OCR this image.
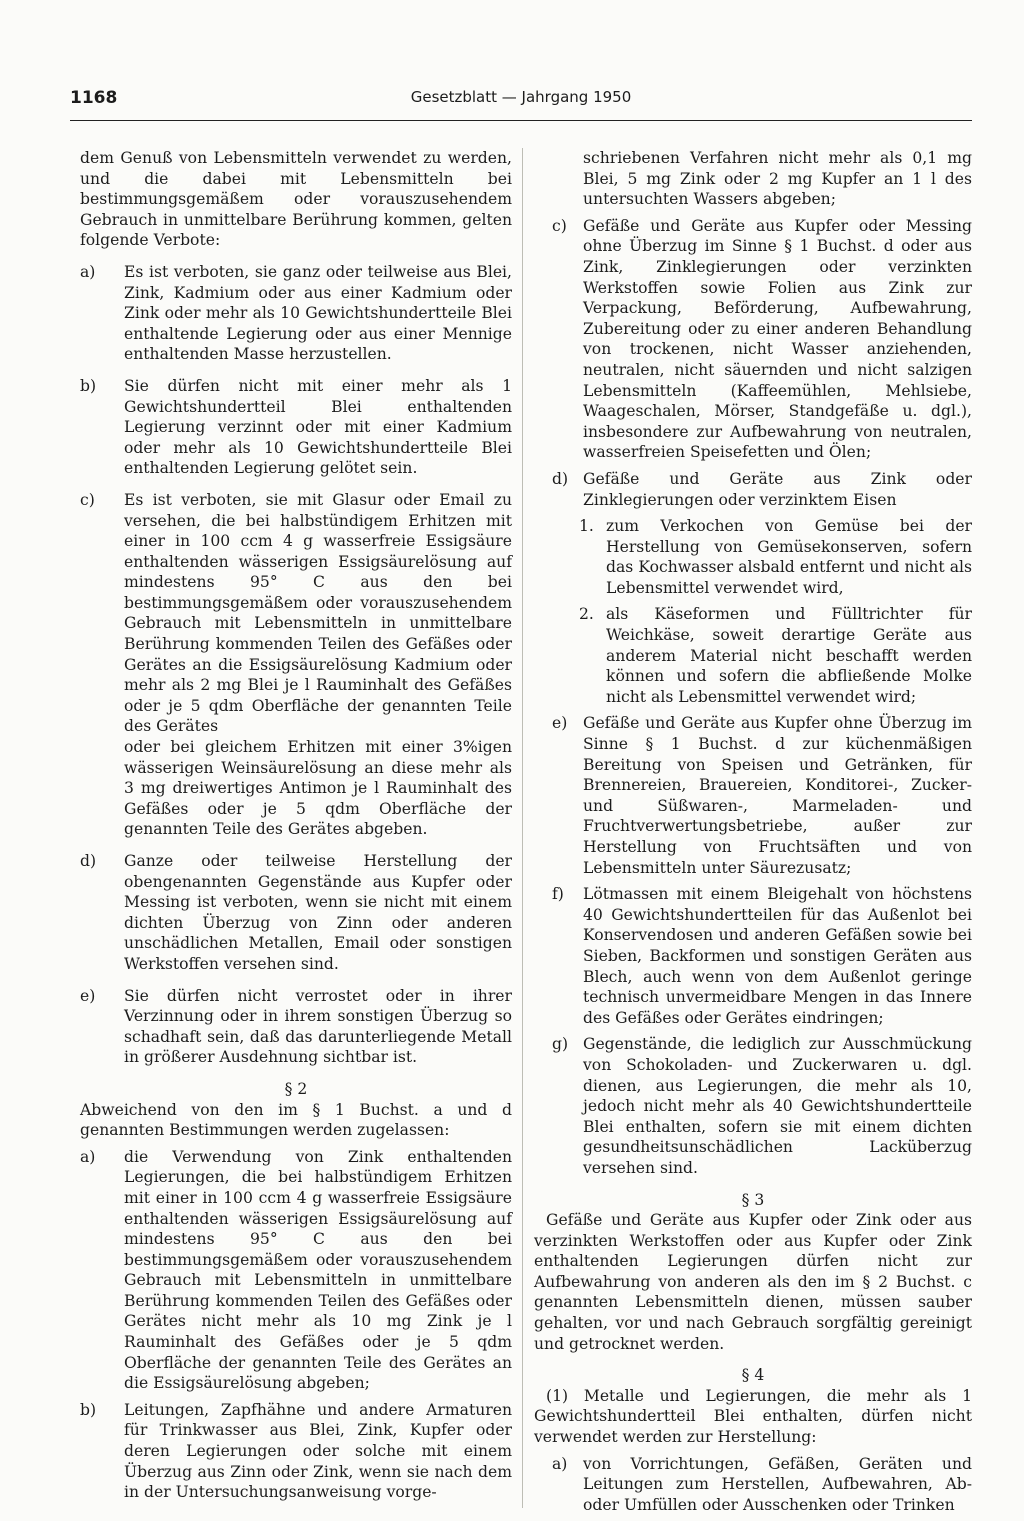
1168	Gesetzblatt — Jahrgang 1950

dem Genuß von Lebensmitteln verwendet zu werden, und die dabei mit Lebensmitteln bei bestimmungsgemäßem oder vorauszusehendem Gebrauch in unmittelbare Berührung kommen, gelten folgende Verbote:

a)	Es ist verboten, sie ganz oder teilweise aus Blei, Zink, Kadmium oder aus einer Kadmium oder Zink oder mehr als 10 Gewichtshundertteile Blei enthaltende Legierung oder aus einer Mennige enthaltenden Masse herzustellen.

b)	Sie dürfen nicht mit einer mehr als 1 Gewichtshundertteil Blei enthaltenden Legierung verzinnt oder mit einer Kadmium oder mehr als 10 Gewichtshundertteile Blei enthaltenden Legierung gelötet sein.

c)	Es ist verboten, sie mit Glasur oder Email zu versehen, die bei halbstündigem Erhitzen mit einer in 100 ccm 4 g wasserfreie Essigsäure enthaltenden wässerigen Essigsäurelösung auf mindestens 95° C aus den bei bestimmungsgemäßem oder vorauszusehendem Gebrauch mit Lebensmitteln in unmittelbare Berührung kommenden Teilen des Gefäßes oder Gerätes an die Essigsäurelösung Kadmium oder mehr als 2 mg Blei je l Rauminhalt des Gefäßes oder je 5 qdm Oberfläche der genannten Teile des Gerätes

oder bei gleichem Erhitzen mit einer 3%igen wässerigen Weinsäurelösung an diese mehr als 3 mg dreiwertiges Antimon je l Rauminhalt des Gefäßes oder je 5 qdm Oberfläche der genannten Teile des Gerätes abgeben.

d)	Ganze oder teilweise Herstellung der obengenannten Gegenstände aus Kupfer oder Messing ist verboten, wenn sie nicht mit einem dichten Überzug von Zinn oder anderen unschädlichen Metallen, Email oder sonstigen Werkstoffen versehen sind.

e)	Sie dürfen nicht verrostet oder in ihrer Verzinnung oder in ihrem sonstigen Überzug so schadhaft sein, daß das darunterliegende Metall in größerer Ausdehnung sichtbar ist.

§ 2

Abweichend von den im § 1 Buchst. a und d genannten Bestimmungen werden zugelassen:

a)	die Verwendung von Zink enthaltenden Legierungen, die bei halbstündigem Erhitzen mit einer in 100 ccm 4 g wasserfreie Essigsäure enthaltenden wässerigen Essigsäurelösung auf mindestens 95° C aus den bei bestimmungsgemäßem oder vorauszusehendem Gebrauch mit Lebensmitteln in unmittelbare Berührung kommenden Teilen des Gefäßes oder Gerätes nicht mehr als 10 mg Zink je l Rauminhalt des Gefäßes oder je 5 qdm Oberfläche der genannten Teile des Gerätes an die Essigsäurelösung abgeben;

b)	Leitungen, Zapfhähne und andere Armaturen für Trinkwasser aus Blei, Zink, Kupfer oder deren Legierungen oder solche mit einem Überzug aus Zinn oder Zink, wenn sie nach dem in der Untersuchungsanweisung vorge-

schriebenen Verfahren nicht mehr als 0,1 mg Blei, 5 mg Zink oder 2 mg Kupfer an 1 l des untersuchten Wassers abgeben;

c)	Gefäße und Geräte aus Kupfer oder Messing ohne Überzug im Sinne § 1 Buchst. d oder aus Zink, Zinklegierungen oder verzinkten Werkstoffen sowie Folien aus Zink zur Verpackung, Beförderung, Aufbewahrung, Zubereitung oder zu einer anderen Behandlung von trockenen, nicht Wasser anziehenden, neutralen, nicht säuernden und nicht salzigen Lebensmitteln (Kaffeemühlen, Mehlsiebe, Waageschalen, Mörser, Standgefäße u. dgl.), insbesondere zur Aufbewahrung von neutralen, wasserfreien Speisefetten und Ölen;

d) Gefäße und Geräte aus Zink oder Zinklegierungen oder verzinktem Eisen

1. zum Verkochen von Gemüse bei der Herstellung von Gemüsekonserven, sofern das Kochwasser alsbald entfernt und nicht als Lebensmittel verwendet wird,

2. als Käseformen und Fülltrichter für Weichkäse, soweit derartige Geräte aus anderem Material nicht beschafft werden können und sofern die abfließende Molke nicht als Lebensmittel verwendet wird;

e)	Gefäße und Geräte aus Kupfer ohne Überzug im Sinne § 1 Buchst. d zur küchenmäßigen Bereitung von Speisen und Getränken, für Brennereien, Brauereien, Konditorei-, Zucker- und Süßwaren-, Marmeladen- und Fruchtverwertungsbetriebe, außer zur Herstellung von Fruchtsäften und von Lebensmitteln unter Säurezusatz;

f)	Lötmassen mit einem Bleigehalt von höchstens 40 Gewichtshundertteilen für das Außenlot bei Konservendosen und anderen Gefäßen sowie bei Sieben, Backformen und sonstigen Geräten aus Blech, auch wenn von dem Außenlot geringe technisch unvermeidbare Mengen in das Innere des Gefäßes oder Gerätes eindringen;

g) Gegenstände, die lediglich zur Ausschmückung von Schokoladen- und Zuckerwaren u. dgl. dienen, aus Legierungen, die mehr als 10, jedoch nicht mehr als 40 Gewichtshundertteile Blei enthalten, sofern sie mit einem dichten gesundheitsunschädlichen Lacküberzug versehen sind.

§ 3

Gefäße und Geräte aus Kupfer oder Zink oder aus verzinkten Werkstoffen oder aus Kupfer oder Zink enthaltenden Legierungen dürfen nicht zur Aufbewahrung von anderen als den im § 2 Buchst. c genannten Lebensmitteln dienen, müssen sauber gehalten, vor und nach Gebrauch sorgfältig gereinigt und getrocknet werden.

§ 4

(1) Metalle und Legierungen, die mehr als 1 Gewichtshundertteil Blei enthalten, dürfen nicht verwendet werden zur Herstellung:

a)	von Vorrichtungen, Gefäßen, Geräten und Leitungen zum Herstellen, Aufbewahren, Ab- oder Umfüllen oder Ausschenken oder Trinken
